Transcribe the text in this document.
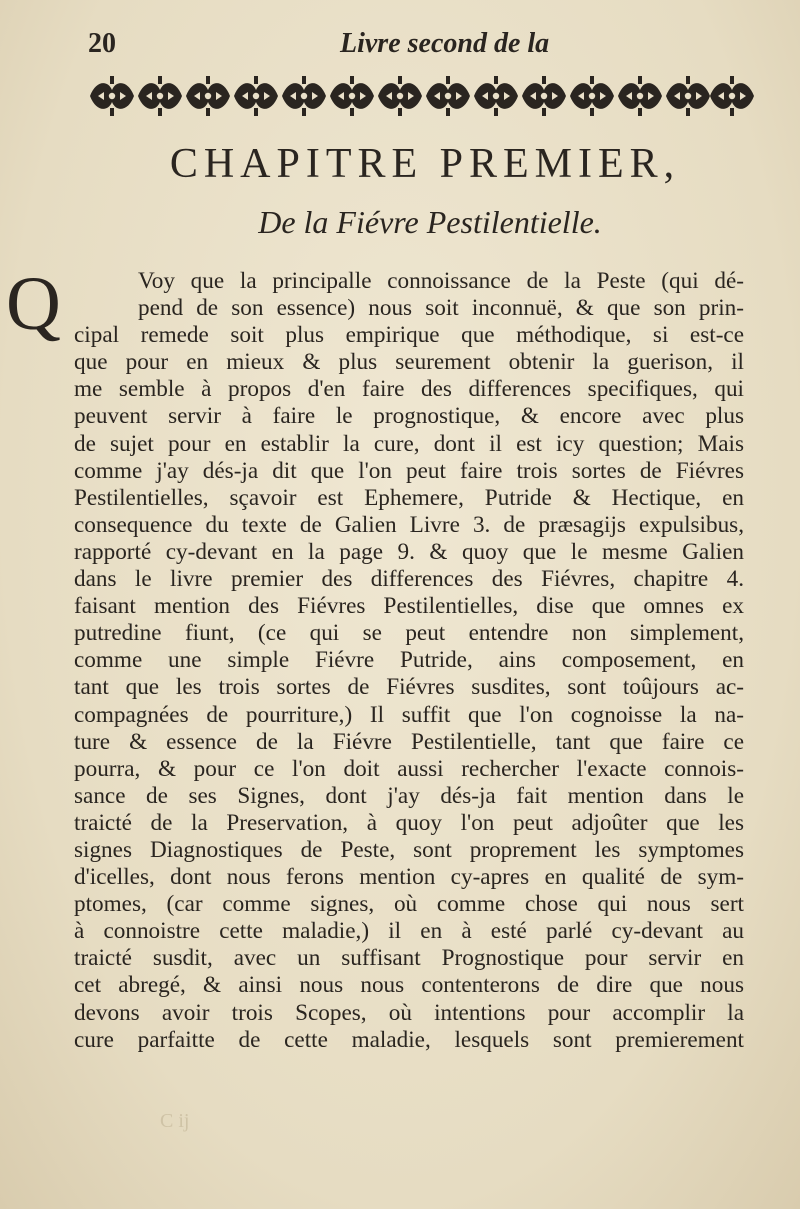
20	Livre second de la
CHAPITRE PREMIER,
De la Fiévre Pestilentielle.
Q	Voy que la principalle connoissance de la Peste (qui dé-
pend de son essence) nous soit inconnuë, & que son prin-
cipal remede soit plus empirique que méthodique, si est-ce
que pour en mieux & plus seurement obtenir la guerison, il
me semble à propos d'en faire des differences specifiques, qui
peuvent servir à faire le prognostique, & encore avec plus
de sujet pour en establir la cure, dont il est icy question; Mais
comme j'ay dés-ja dit que l'on peut faire trois sortes de Fiévres
Pestilentielles, sçavoir est Ephemere, Putride & Hectique, en
consequence du texte de Galien Livre 3. de præsagijs expulsibus,
rapporté cy-devant en la page 9. & quoy que le mesme Galien
dans le livre premier des differences des Fiévres, chapitre 4.
faisant mention des Fiévres Pestilentielles, dise que omnes ex
putredine fiunt, (ce qui se peut entendre non simplement,
comme une simple Fiévre Putride, ains composement, en
tant que les trois sortes de Fiévres susdites, sont toûjours ac-
compagnées de pourriture,) Il suffit que l'on cognoisse la na-
ture & essence de la Fiévre Pestilentielle, tant que faire ce
pourra, & pour ce l'on doit aussi rechercher l'exacte connois-
sance de ses Signes, dont j'ay dés-ja fait mention dans le
traicté de la Preservation, à quoy l'on peut adjoûter que les
signes Diagnostiques de Peste, sont proprement les symptomes
d'icelles, dont nous ferons mention cy-apres en qualité de sym-
ptomes, (car comme signes, où comme chose qui nous sert
à connoistre cette maladie,) il en à esté parlé cy-devant au
traicté susdit, avec un suffisant Prognostique pour servir en
cet abregé, & ainsi nous nous contenterons de dire que nous
devons avoir trois Scopes, où intentions pour accomplir la
cure parfaitte de cette maladie, lesquels sont premierement
C ij
